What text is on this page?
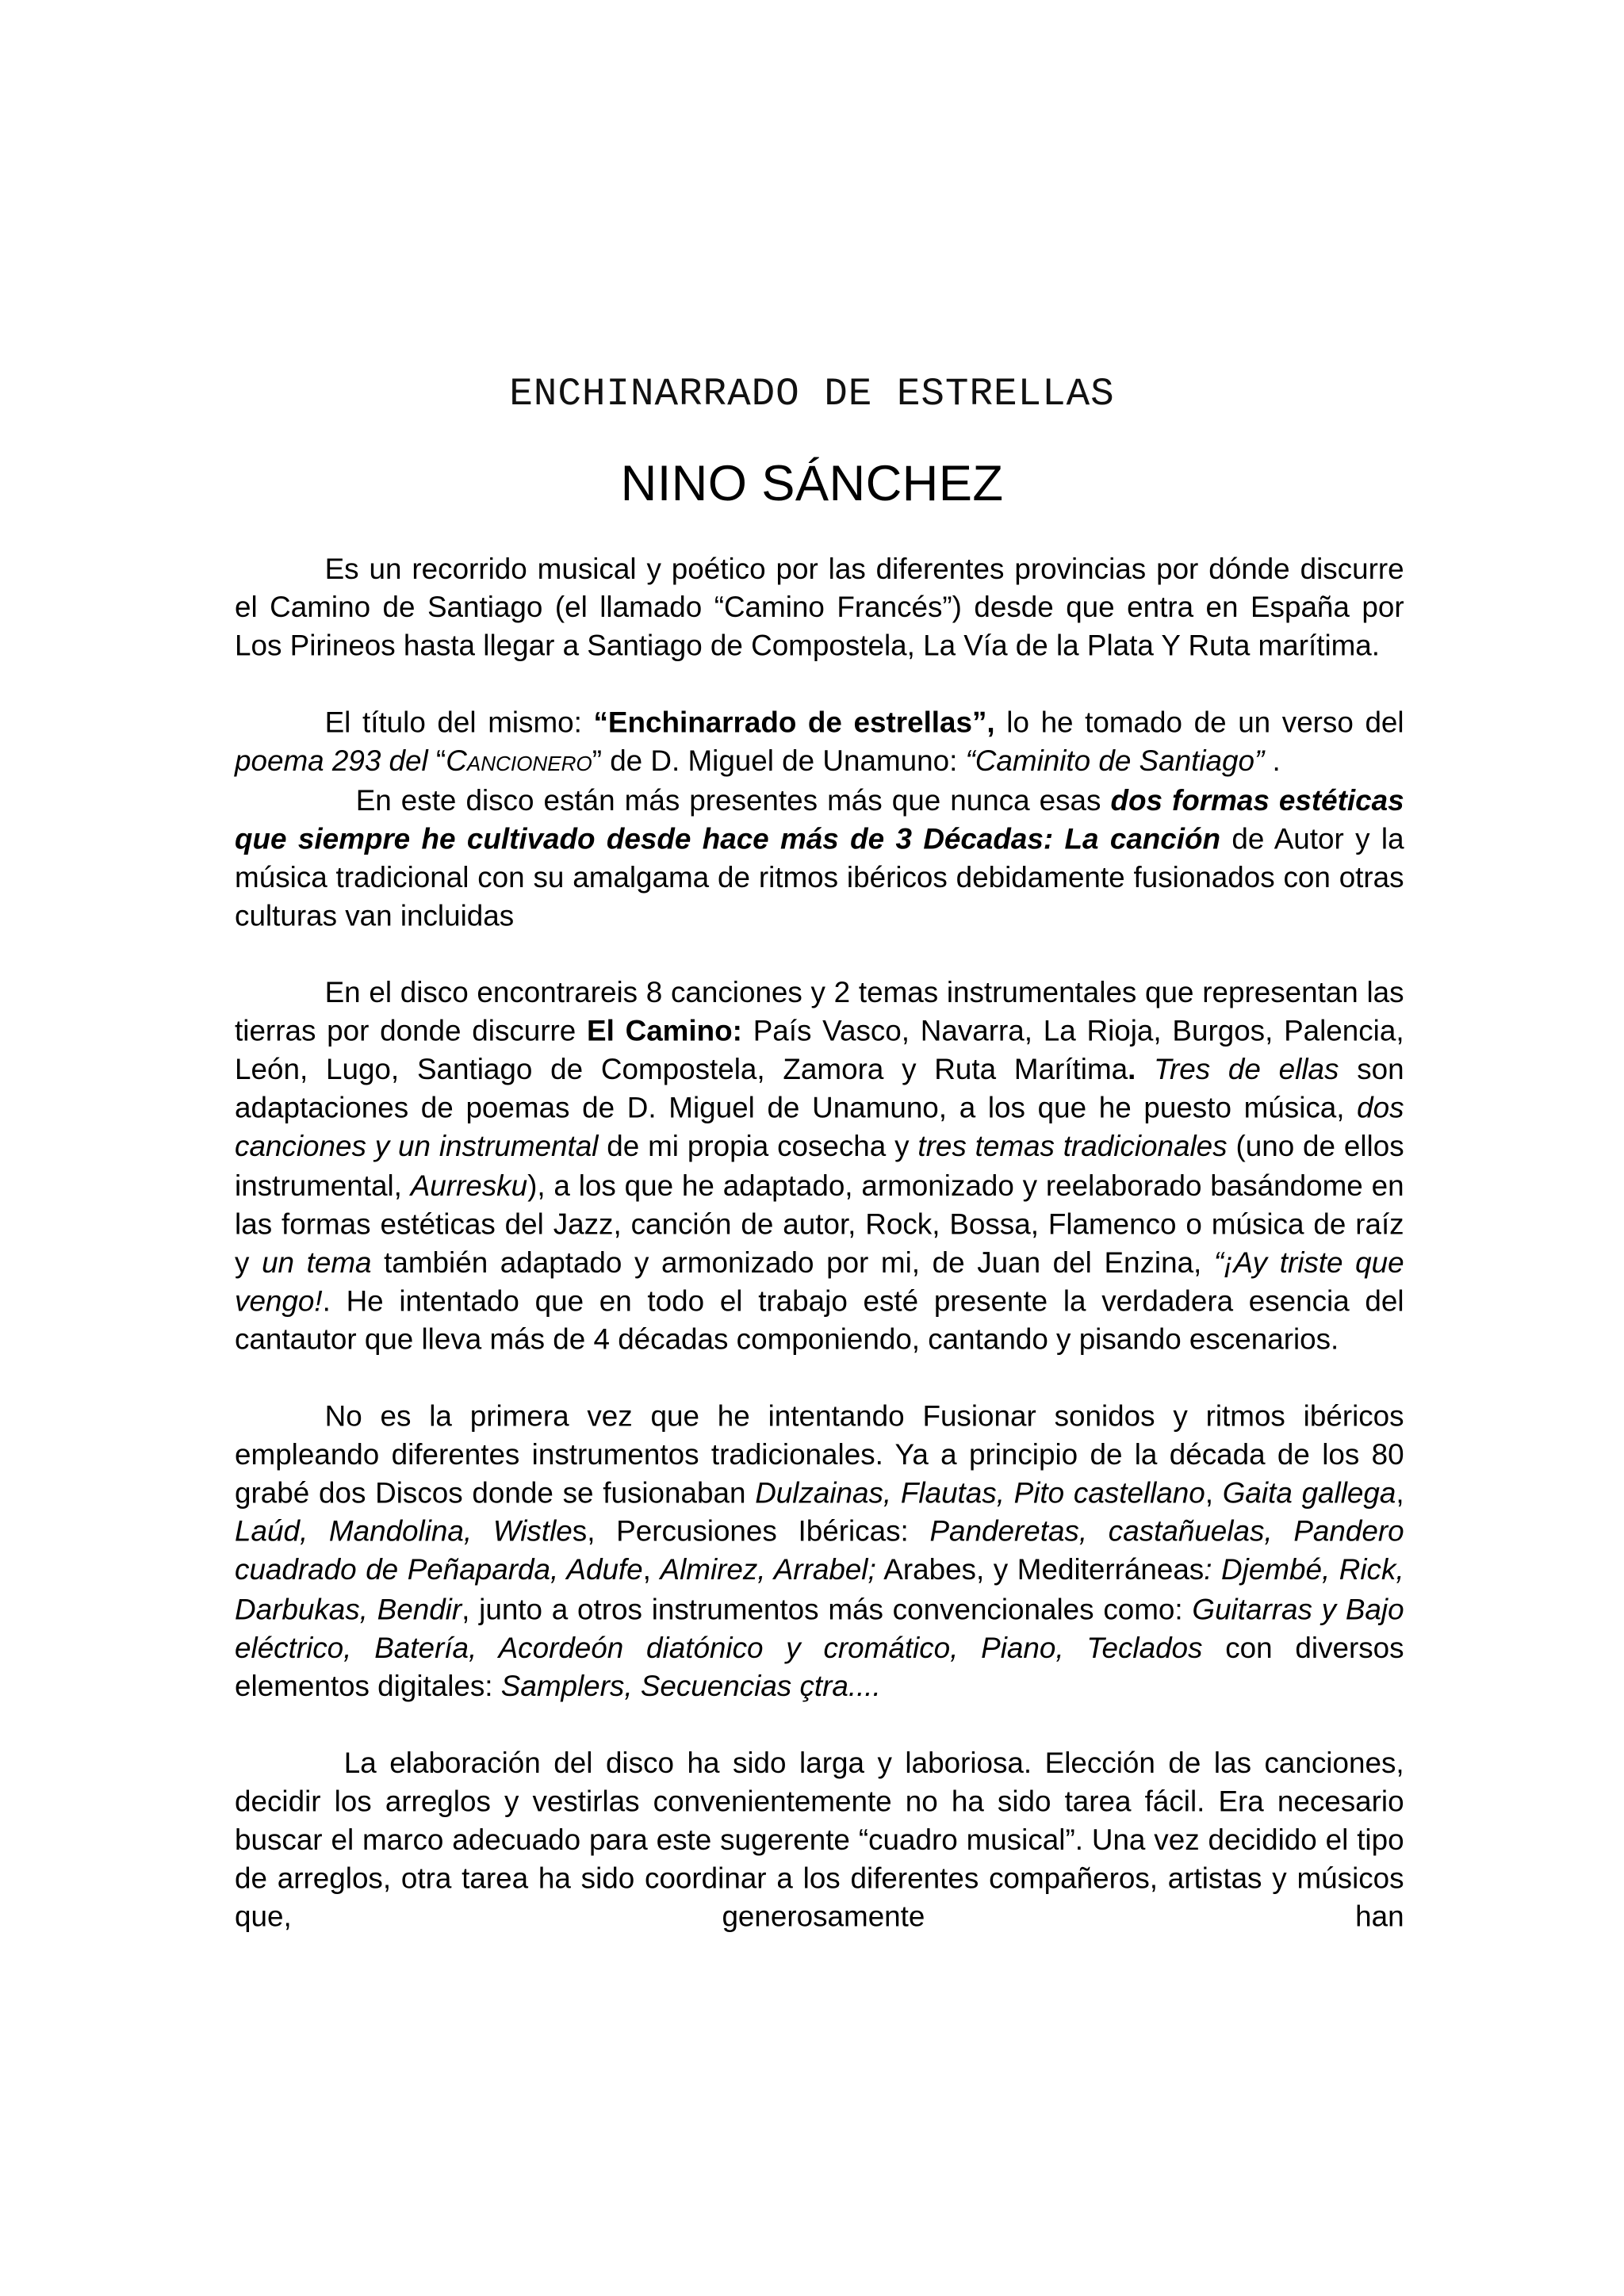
ENCHINARRADO DE ESTRELLAS
NINO SÁNCHEZ

Es un recorrido musical y poético por las diferentes provincias por dónde discurre el Camino de Santiago (el llamado “Camino Francés”) desde que entra en España por Los Pirineos hasta llegar a Santiago de Compostela, La Vía de la Plata Y Ruta marítima.

El título del mismo: “Enchinarrado de estrellas”, lo he tomado de un verso del poema 293 del “Cancionero” de D. Miguel de Unamuno: “Caminito de Santiago” .

En este disco están más presentes más que nunca esas dos formas estéticas que siempre he cultivado desde hace más de 3 Décadas: La canción de Autor y la música tradicional con su amalgama de ritmos ibéricos debidamente fusionados con otras culturas van incluidas

En el disco encontrareis 8 canciones y 2 temas instrumentales que representan las tierras por donde discurre El Camino: País Vasco, Navarra, La Rioja, Burgos, Palencia, León, Lugo, Santiago de Compostela, Zamora y Ruta Marítima. Tres de ellas son adaptaciones de poemas de D. Miguel de Unamuno, a los que he puesto música, dos canciones y un instrumental de mi propia cosecha y tres temas tradicionales (uno de ellos instrumental, Aurresku), a los que he adaptado, armonizado y reelaborado basándome en las formas estéticas del Jazz, canción de autor, Rock, Bossa, Flamenco o música de raíz y un tema también adaptado y armonizado por mi, de Juan del Enzina, “¡Ay triste que vengo!. He intentado que en todo el trabajo esté presente la verdadera esencia del cantautor que lleva más de 4 décadas componiendo, cantando y pisando escenarios.

No es la primera vez que he intentando Fusionar sonidos y ritmos ibéricos empleando diferentes instrumentos tradicionales. Ya a principio de la década de los 80 grabé dos Discos donde se fusionaban Dulzainas, Flautas, Pito castellano, Gaita gallega, Laúd, Mandolina, Wistles, Percusiones Ibéricas: Panderetas, castañuelas, Pandero cuadrado de Peñaparda, Adufe, Almirez, Arrabel; Arabes, y Mediterráneas: Djembé, Rick, Darbukas, Bendir, junto a otros instrumentos más convencionales como: Guitarras y Bajo eléctrico, Batería, Acordeón diatónico y cromático, Piano, Teclados con diversos elementos digitales: Samplers, Secuencias çtra....

La elaboración del disco ha sido larga y laboriosa. Elección de las canciones, decidir los arreglos y vestirlas convenientemente no ha sido tarea fácil. Era necesario buscar el marco adecuado para este sugerente “cuadro musical”. Una vez decidido el tipo de arreglos, otra tarea ha sido coordinar a los diferentes compañeros, artistas y músicos que, generosamente han
